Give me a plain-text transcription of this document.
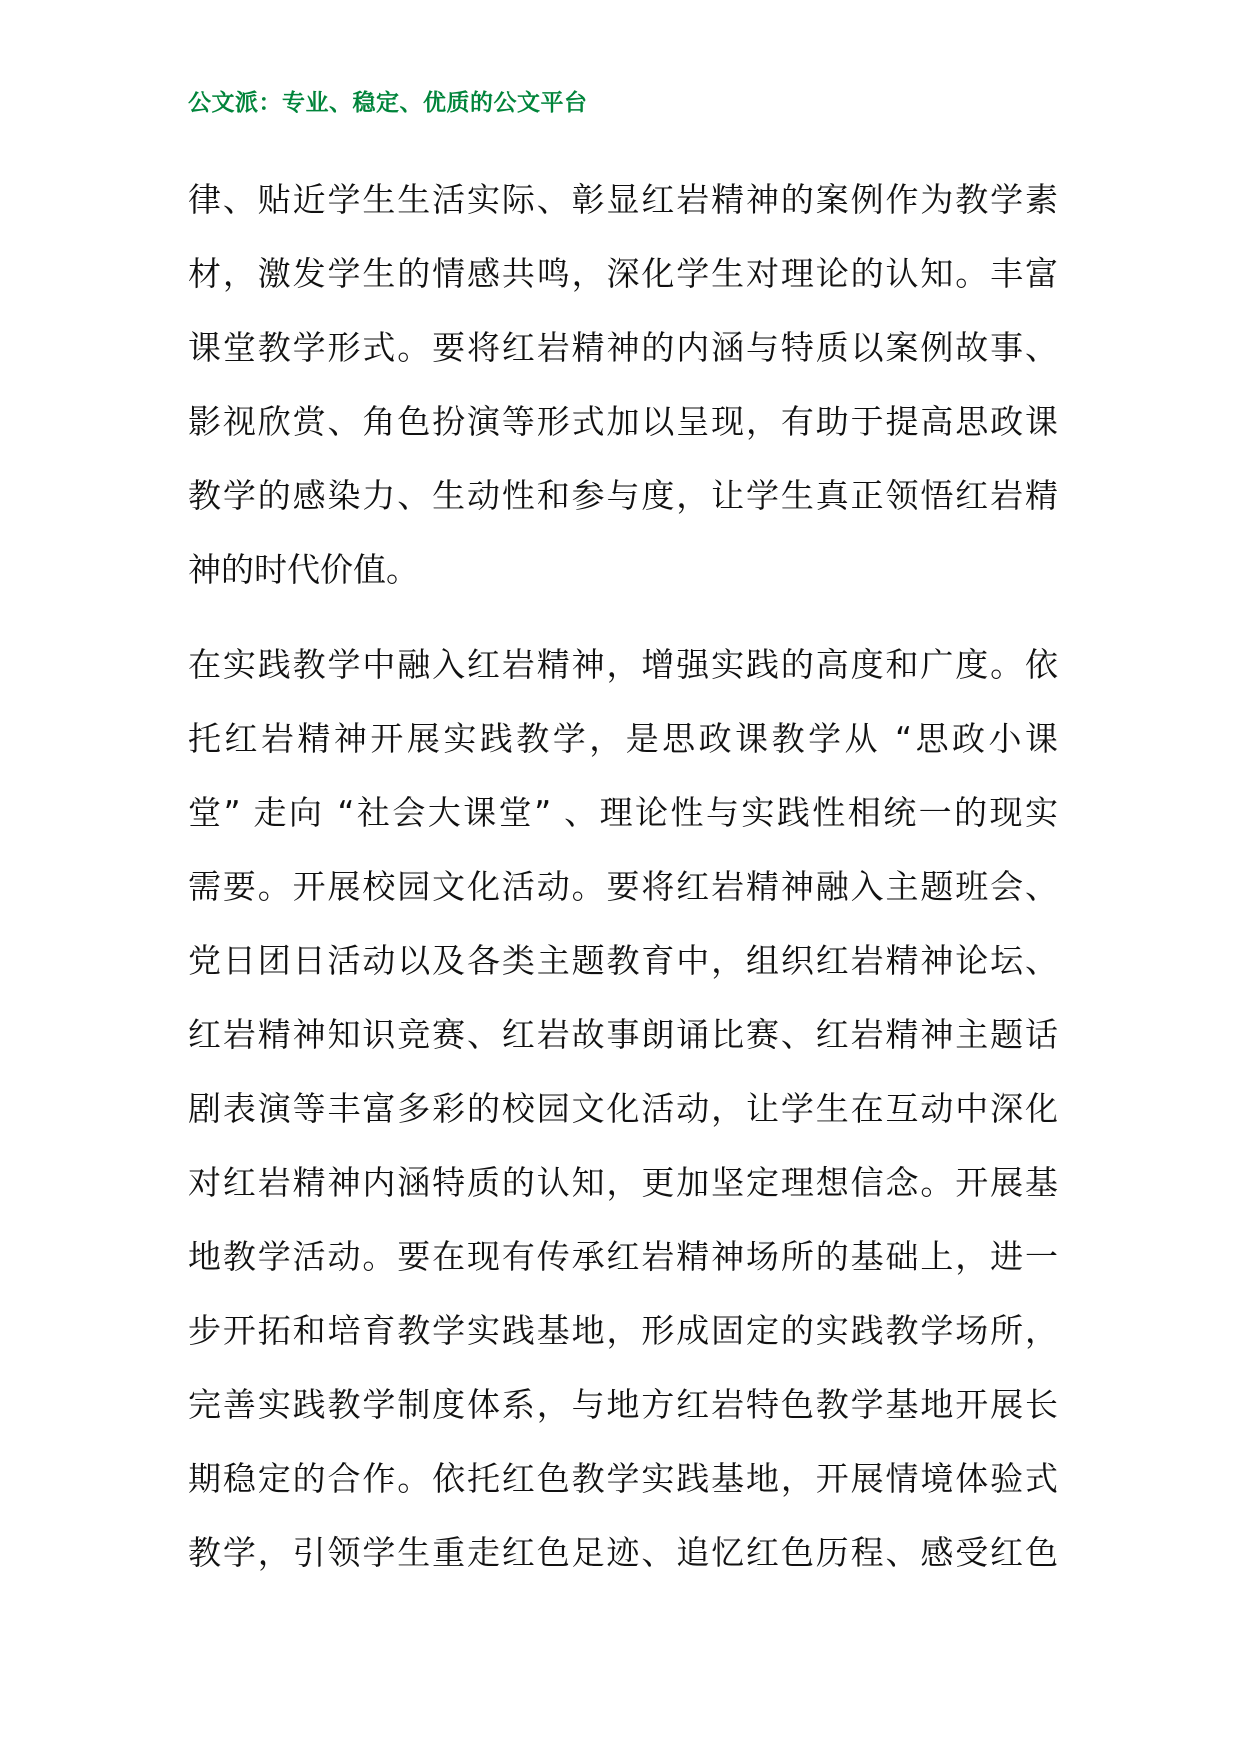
公文派：专业、稳定、优质的公文平台
律、贴近学生生活实际、彰显红岩精神的案例作为教学素
材，激发学生的情感共鸣，深化学生对理论的认知。丰富
课堂教学形式。要将红岩精神的内涵与特质以案例故事、
影视欣赏、角色扮演等形式加以呈现，有助于提高思政课
教学的感染力、生动性和参与度，让学生真正领悟红岩精
神的时代价值。
在实践教学中融入红岩精神，增强实践的高度和广度。依
托红岩精神开展实践教学，是思政课教学从 “思政小课
堂” 走向 “社会大课堂” 、理论性与实践性相统一的现实
需要。开展校园文化活动。要将红岩精神融入主题班会、
党日团日活动以及各类主题教育中，组织红岩精神论坛、
红岩精神知识竞赛、红岩故事朗诵比赛、红岩精神主题话
剧表演等丰富多彩的校园文化活动，让学生在互动中深化
对红岩精神内涵特质的认知，更加坚定理想信念。开展基
地教学活动。要在现有传承红岩精神场所的基础上，进一
步开拓和培育教学实践基地，形成固定的实践教学场所，
完善实践教学制度体系，与地方红岩特色教学基地开展长
期稳定的合作。依托红色教学实践基地，开展情境体验式
教学，引领学生重走红色足迹、追忆红色历程、感受红色
